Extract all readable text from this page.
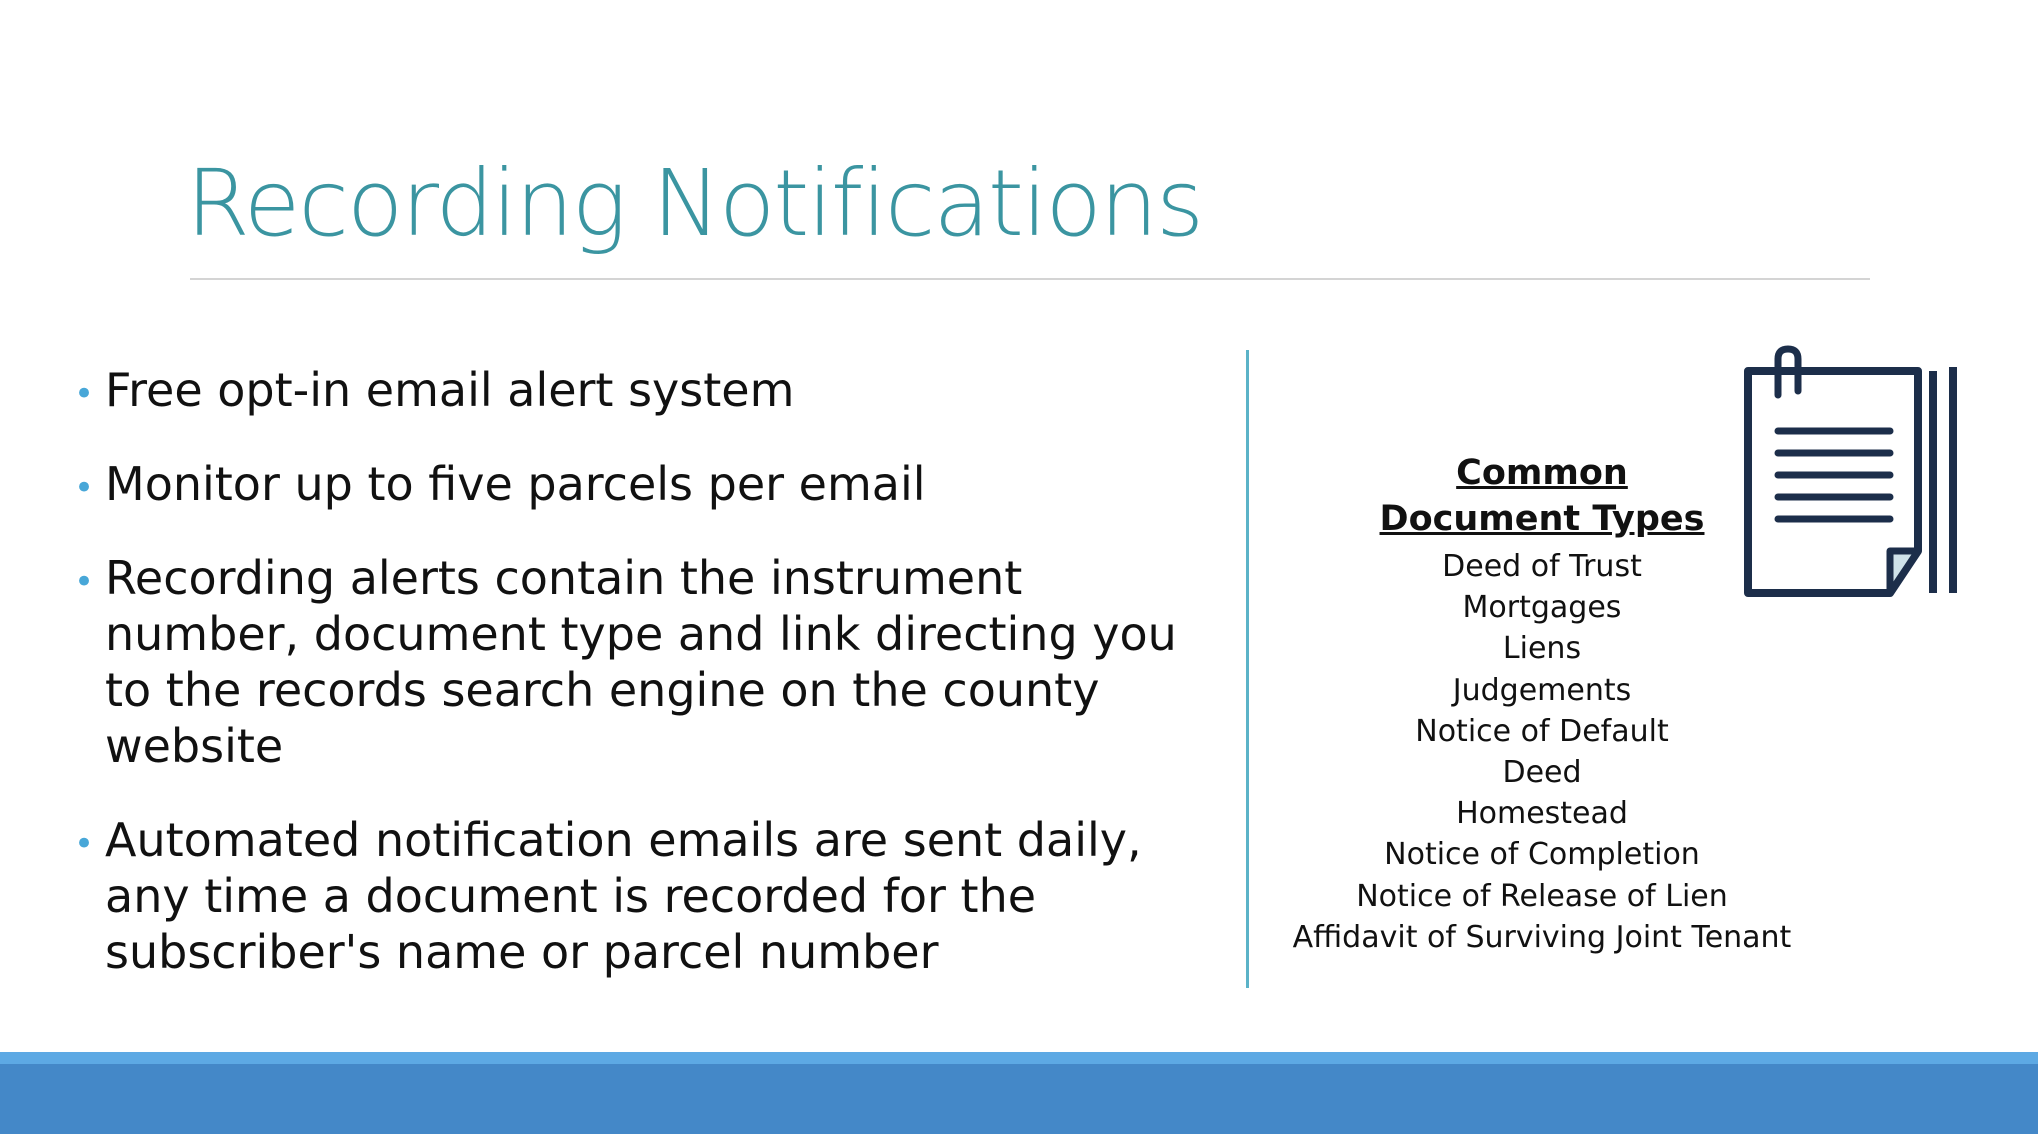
Recording Notifications
• Free opt-in email alert system
• Monitor up to five parcels per email
• Recording alerts contain the instrument number, document type and link directing you to the records search engine on the county website
• Automated notification emails are sent daily, any time a document is recorded for the subscriber's name or parcel number
Common
Document Types
Deed of Trust
Mortgages
Liens
Judgements
Notice of Default
Deed
Homestead
Notice of Completion
Notice of Release of Lien
Affidavit of Surviving Joint Tenant
